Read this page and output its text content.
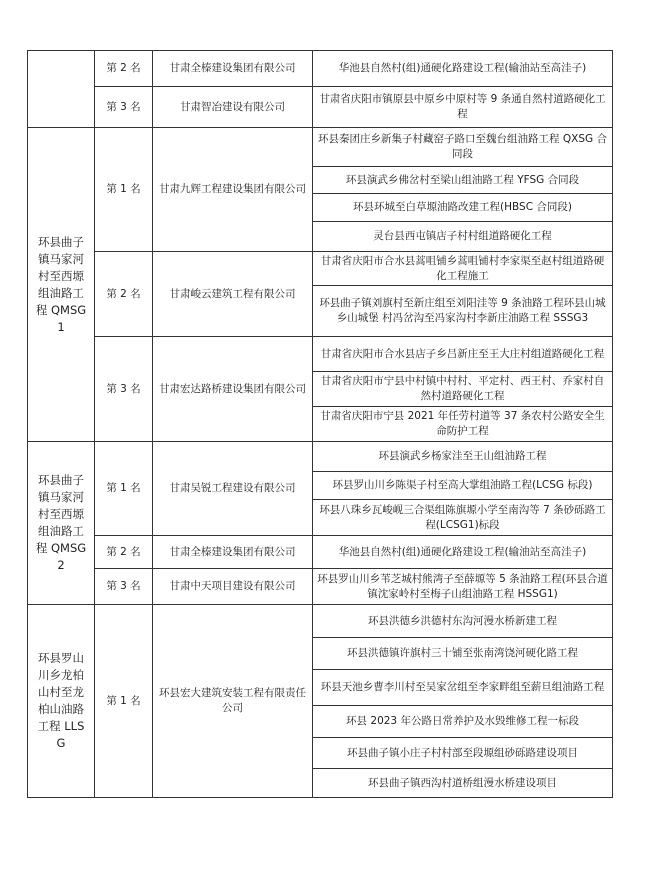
	第 2 名	甘肃全榛建设集团有限公司	华池县自然村(组)通硬化路建设工程(输油站至高洼子)
	第 3 名	甘肃智冶建设有限公司	甘肃省庆阳市镇原县中原乡中原村等 9 条通自然村道路硬化工程
环县曲子镇马家河村至西塬组油路工程 QMSG1	第 1 名	甘肃九辉工程建设集团有限公司	环县秦团庄乡新集子村藏窑子路口至魏台组油路工程 QXSG 合同段
			环县演武乡佛岔村至梁山组油路工程 YFSG 合同段
			环县环城至白草塬油路改建工程(HBSC 合同段)
			灵台县西屯镇店子村村组道路硬化工程
	第 2 名	甘肃峻云建筑工程有限公司	甘肃省庆阳市合水县蒿咀铺乡蒿咀铺村李家渠至赵村组道路硬化工程施工
			环县曲子镇刘旗村至新庄组至刘阳洼等 9 条油路工程环县山城乡山城堡 村冯岔沟至冯家沟村李新庄油路工程 SSSG3
	第 3 名	甘肃宏达路桥建设集团有限公司	甘肃省庆阳市合水县店子乡吕新庄至王大庄村组道路硬化工程
			甘肃省庆阳市宁县中村镇中村村、平定村、西王村、乔家村自然村道路硬化工程
			甘肃省庆阳市宁县 2021 年任劳村道等 37 条农村公路安全生命防护工程
环县曲子镇马家河村至西塬组油路工程 QMSG2	第 1 名	甘肃吴锐工程建设有限公司	环县演武乡杨家洼至王山组油路工程
			环县罗山川乡陈渠子村至高大掌组油路工程(LCSG 标段)
			环县八珠乡瓦峻岘三合渠组陈旗塬小学至南沟等 7 条砂砾路工程(LCSG1)标段
	第 2 名	甘肃全榛建设集团有限公司	华池县自然村(组)通硬化路建设工程(输油站至高洼子)
	第 3 名	甘肃中天项目建设有限公司	环县罗山川乡苇芝城村熊湾子至薛塬等 5 条油路工程(环县合道 镇沈家岭村至梅子山组油路工程 HSSG1)
环县罗山川乡龙柏山村至龙柏山油路工程 LLSG	第 1 名	环县宏大建筑安装工程有限责任公司	环县洪德乡洪德村东沟河漫水桥新建工程
			环县洪德镇许旗村三十铺至张南湾饶河硬化路工程
			环县天池乡曹李川村至吴家岔组至李家畔组至薪旦组油路工程
			环县 2023 年公路日常养护及水毁维修工程一标段
			环县曲子镇小庄子村村部至段塬组砂砾路建设项目
			环县曲子镇西沟村道桥组漫水桥建设项目
